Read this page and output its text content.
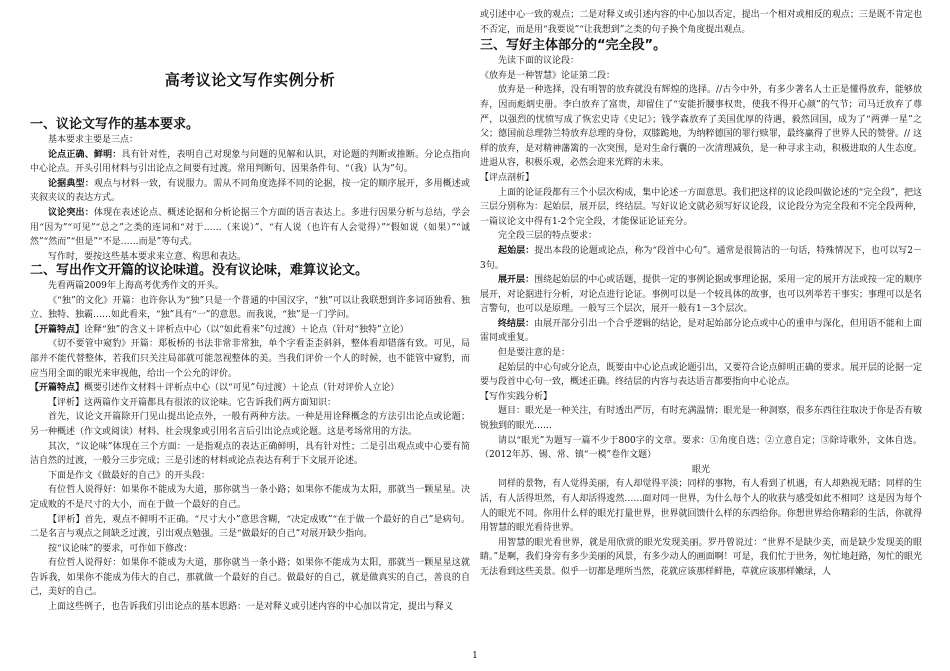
高考议论文写作实例分析

一、议论文写作的基本要求。

基本要求主要是三点：

论点正确、鲜明：具有针对性，表明自己对现象与问题的见解和认识，对论题的判断或推断。分论点指向中心论点。开头引用材料与引出论点之间要有过渡。常用判断句、因果条件句、“（我）认为”句。

论据典型：观点与材料一致，有说服力。需从不同角度选择不同的论据，按一定的顺序展开，多用概述或夹叙夹议的表达方式。

议论突出：体现在表述论点、概述论据和分析论据三个方面的语言表达上。多进行因果分析与总结，学会用“因为”“可见”“总之”之类的连词和“对于……（来说）”、“有人说（也许有人会觉得）”“假如说（如果）”“诚然”“然而”“但是”“不是……而是”等句式。

写作时，要按这些基本要求来立意、构思和表达。

二、写出作文开篇的议论味道。没有议论味，难算议论文。

先看两篇2009年上海高考优秀作文的开头。

《“独”的文化》开篇：也许你认为“独”只是一个普通的中国汉字，“独”可以让我联想到许多词语独看、独立、独特、独霸……如此看来，“独”具有“一”的意思。而我说，“独”是一门学问。

【开篇特点】诠释“独”的含义＋评析点中心（以“如此看来”句过渡）＋论点（针对“独特”立论）

《切不要管中窥豹》开篇：郑板桥的书法非常非常独，单个字看歪歪斜斜，整体看却错落有致。可见，局部并不能代替整体，若我们只关注局部就可能忽视整体的美。当我们评价一个人的时候，也不能管中窥豹，而应当用全面的眼光来审视他，给出一个公允的评价。

【开篇特点】概要引述作文材料＋评析点中心（以“可见”句过渡）＋论点（针对评价人立论）

【评析】这两篇作文开篇都具有很浓的议论味。它告诉我们两方面知识：

首先，议论文开篇除开门见山提出论点外，一般有两种方法。一种是用诠释概念的方法引出论点或论题；另一种概述（作文或阅读）材料、社会现象或引用名言后引出论点或论题。这是考场常用的方法。

其次，“议论味”体现在三个方面：一是指观点的表达正确鲜明，具有针对性；二是引出观点或中心要有简洁自然的过渡，一般分三步完成；三是引述的材料或论点表达有利于下文展开论述。

下面是作文《做最好的自己》的开头段：

有位哲人说得好：如果你不能成为大道，那你就当一条小路；如果你不能成为太阳，那就当一颗星星。决定成败的不是尺寸的大小，而在于做一个最好的自己。

【评析】首先，观点不鲜明不正确。“尺寸大小”意思含糊，“决定成败”“在于做一个最好的自己”是病句。二是名言与观点之间缺乏过渡，引出观点勉强。三是“做最好的自己”对展开缺少指向。

按“议论味”的要求，可作如下修改：

有位哲人说得好：如果你不能成为大道，那你就当一条小路；如果你不能成为太阳，那就当一颗星星这就告诉我，如果你不能成为伟大的自己，那就做一个最好的自己。做最好的自己，就是做真实的自己，善良的自己，美好的自己。

上面这些例子，也告诉我们引出论点的基本思路：一是对释义或引述内容的中心加以肯定，提出与释义

或引述中心一致的观点；二是对释义或引述内容的中心加以否定，提出一个相对或相反的观点；三是既不肯定也不否定，而是用“我要说”“让我想到”之类的句子换个角度提出观点。

三、写好主体部分的“完全段”。

先读下面的议论段：

《放弃是一种智慧》论证第二段：

放弃是一种选择，没有明智的放弃就没有辉煌的选择。//古今中外，有多少著名人士正是懂得放弃，能够放弃，因而彪炳史册。李白放弃了富贵，却留住了“安能折腰事权贵，使我不得开心颜”的气节；司马迁放弃了尊严，以强烈的忧愤写成了恢宏史诗《史记》；钱学森放弃了美国优厚的待遇，毅然回国，成为了“两弹一星”之父；德国前总理勃兰特放弃总理的身份，双膝跪地，为纳粹德国的罪行赎罪，最终赢得了世界人民的赞誉。// 这样的放弃，是对精神藩篱的一次突围，是对生命行囊的一次清理减负，是一种寻求主动，积极进取的人生态度。进退从容，积极乐观，必然会迎来光辉的未来。

【评点剖析】

上面的论证段都有三个小层次构成，集中论述一方面意思。我们把这样的议论段叫做论述的“完全段”，把这三层分别称为：起始层，展开层，终结层。写好议论文就必须写好议论段，议论段分为完全段和不完全段两种，一篇议论文中得有1-2个完全段，才能保证论证充分。

完全段三层的特点要求：

起始层：提出本段的论题或论点，称为“段首中心句”。通常是很简洁的一句话，特殊情况下，也可以写2－3句。

展开层：围绕起始层的中心或话题，提供一定的事例论据或事理论据，采用一定的展开方法或按一定的顺序展开，对论据进行分析，对论点进行论证。事例可以是一个较具体的故事，也可以列举若干事实；事理可以是名言警句，也可以是原理。一般写三个层次，展开一般有1－3个层次。

终结层：由展开部分引出一个合乎逻辑的结论，是对起始部分论点或中心的重申与深化，但用语不能和上面雷同或重复。

但是要注意的是：

起始层的中心句或分论点，既要由中心论点或论题引出，又要符合论点鲜明正确的要求。展开层的论据一定要与段首中心句一致，概述正确。终结层的内容与表达语言都要指向中心论点。

【写作实践分析】

题目：眼光是一种关注，有时透出严厉，有时充满温情；眼光是一种洞察，很多东西往往取决于你是否有敏锐独到的眼光……

请以“眼光”为题写一篇不少于800字的文章。要求：①角度自选；②立意自定；③除诗歌外，文体自选。（2012年苏、锡、常、镇“一模”卷作文题）

眼光

同样的景物，有人觉得美丽，有人却觉得平淡；同样的事物，有人看到了机遇，有人却熟视无睹；同样的生活，有人活得坦然，有人却活得逡然……面对同一世界，为什么每个人的收获与感受如此不相同？这是因为每个人的眼光不同。你用什么样的眼光打量世界，世界就回馈什么样的东西给你。你想世界给你精彩的生活，你就得用智慧的眼光看待世界。

用智慧的眼光看世界，就是用欣赏的眼光发现美丽。罗丹曾说过：“世界不是缺少美，而是缺少发现美的眼睛。”是啊，我们身旁有多少美丽的风景，有多少动人的画面啊！可是，我们忙于世务，匆忙地赶路，匆忙的眼光无法看到这些美景。似乎一切都是理所当然，花就应该那样鲜艳，草就应该那样嫩绿，人

1
